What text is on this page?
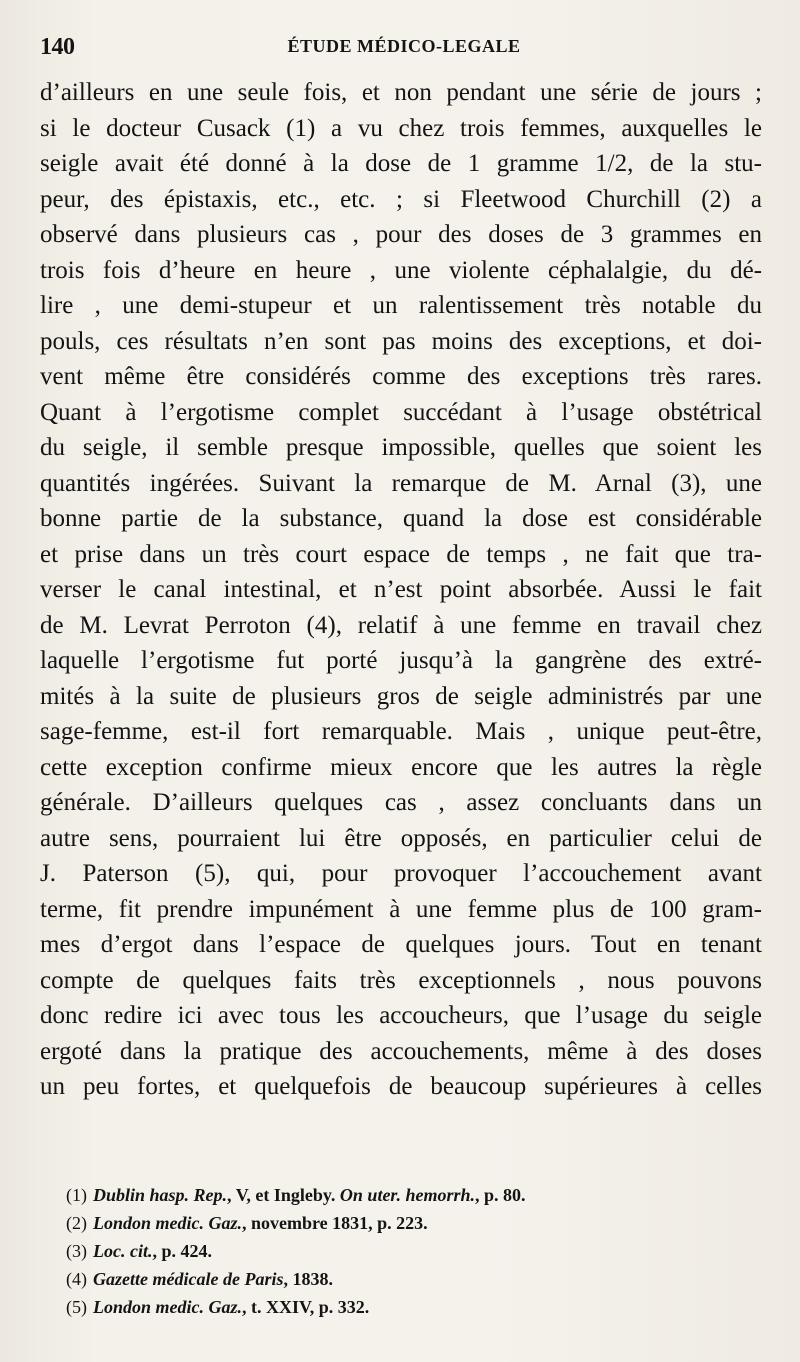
140	ÉTUDE MÉDICO-LEGALE
d’ailleurs en une seule fois, et non pendant une série de jours ;
si le docteur Cusack (1) a vu chez trois femmes, auxquelles le
seigle avait été donné à la dose de 1 gramme 1/2, de la stu-
peur, des épistaxis, etc., etc. ; si Fleetwood Churchill (2) a
observé dans plusieurs cas , pour des doses de 3 grammes en
trois fois d’heure en heure , une violente céphalalgie, du dé-
lire , une demi-stupeur et un ralentissement très notable du
pouls, ces résultats n’en sont pas moins des exceptions, et doi-
vent même être considérés comme des exceptions très rares.
Quant à l’ergotisme complet succédant à l’usage obstétrical
du seigle, il semble presque impossible, quelles que soient les
quantités ingérées. Suivant la remarque de M. Arnal (3), une
bonne partie de la substance, quand la dose est considérable
et prise dans un très court espace de temps , ne fait que tra-
verser le canal intestinal, et n’est point absorbée. Aussi le fait
de M. Levrat Perroton (4), relatif à une femme en travail chez
laquelle l’ergotisme fut porté jusqu’à la gangrène des extré-
mités à la suite de plusieurs gros de seigle administrés par une
sage-femme, est-il fort remarquable. Mais , unique peut-être,
cette exception confirme mieux encore que les autres la règle
générale. D’ailleurs quelques cas , assez concluants dans un
autre sens, pourraient lui être opposés, en particulier celui de
J. Paterson (5), qui, pour provoquer l’accouchement avant
terme, fit prendre impunément à une femme plus de 100 gram-
mes d’ergot dans l’espace de quelques jours. Tout en tenant
compte de quelques faits très exceptionnels , nous pouvons
donc redire ici avec tous les accoucheurs, que l’usage du seigle
ergoté dans la pratique des accouchements, même à des doses
un peu fortes, et quelquefois de beaucoup supérieures à celles
(1) Dublin hasp. Rep., V, et Ingleby. On uter. hemorrh., p. 80.
(2) London medic. Gaz., novembre 1831, p. 223.
(3) Loc. cit., p. 424.
(4) Gazette médicale de Paris, 1838.
(5) London medic. Gaz., t. XXIV, p. 332.
